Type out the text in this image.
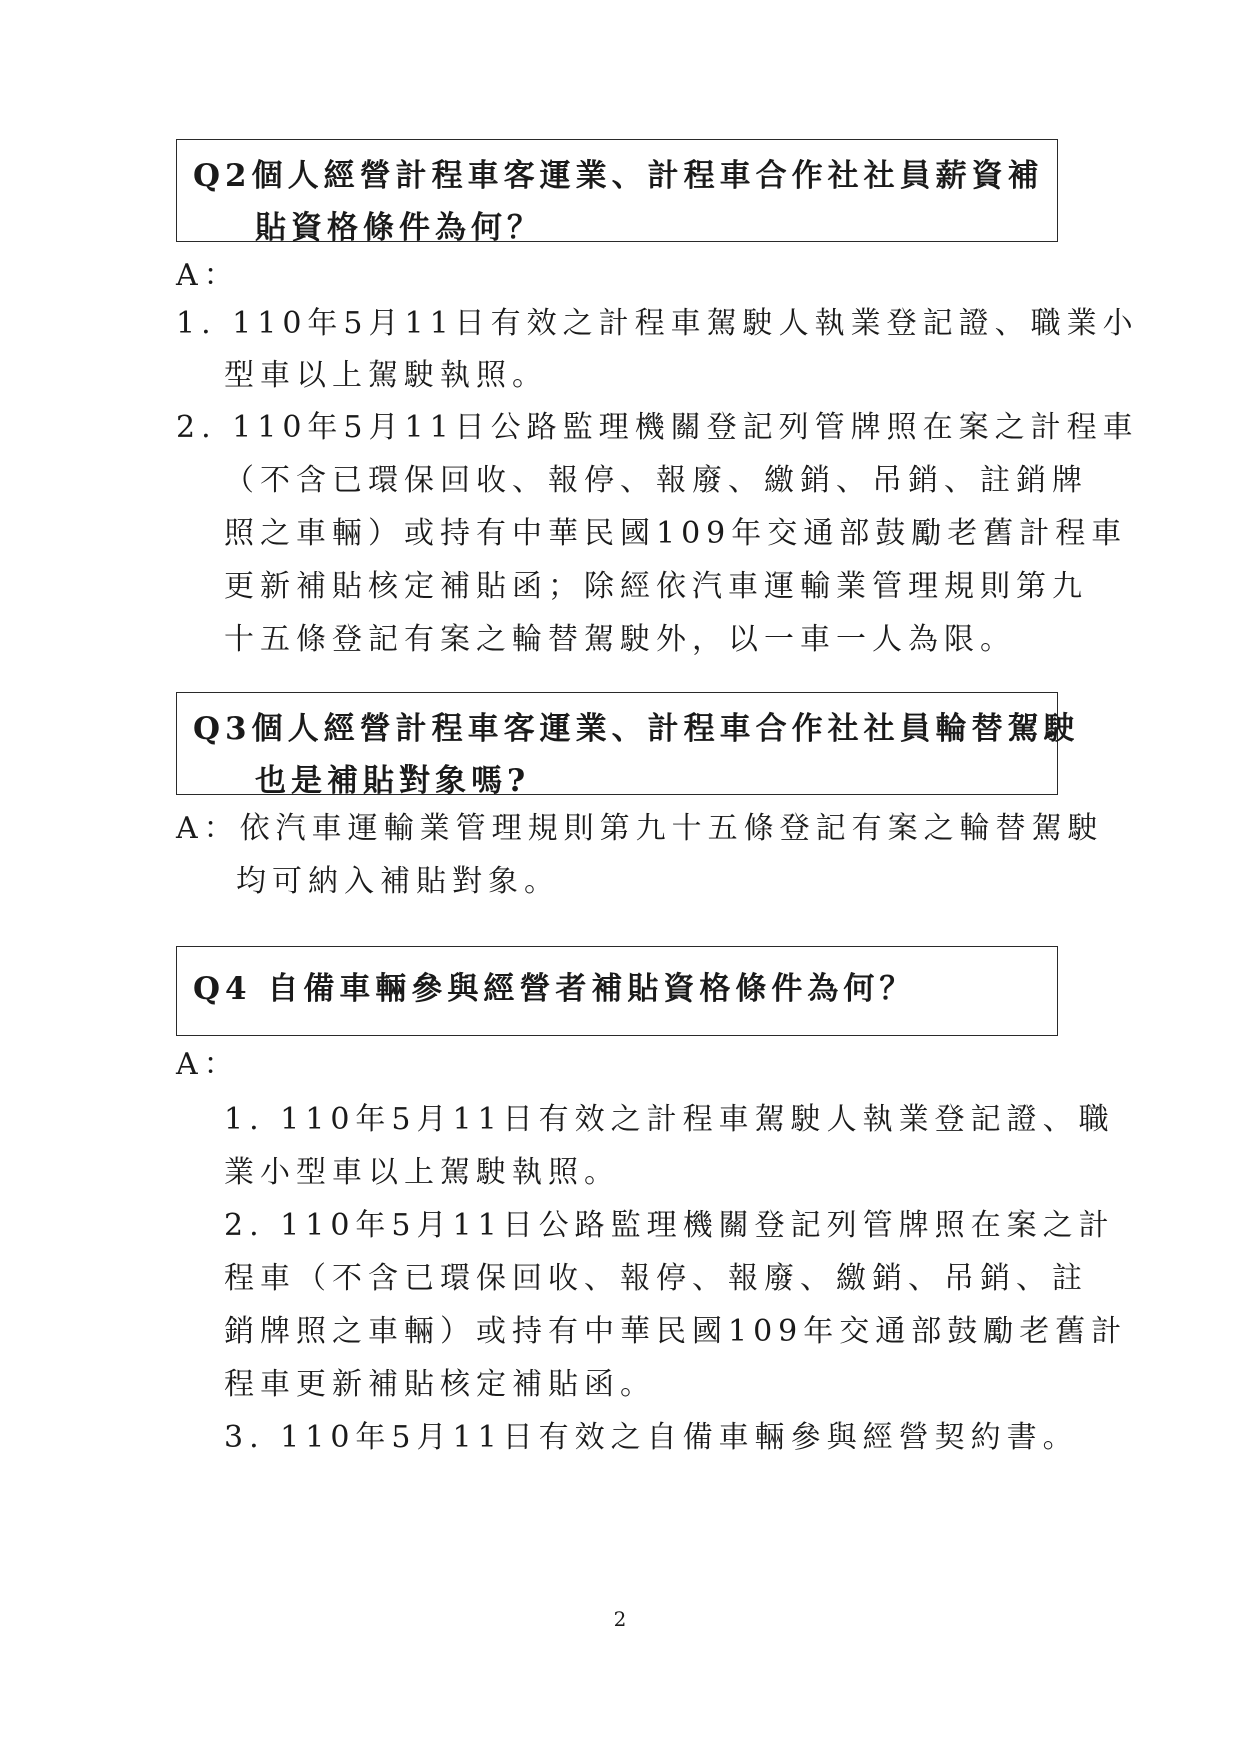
Q2個人經營計程車客運業、計程車合作社社員薪資補
貼資格條件為何？
A：
1. 110年5月11日有效之計程車駕駛人執業登記證、職業小
型車以上駕駛執照。
2. 110年5月11日公路監理機關登記列管牌照在案之計程車
（不含已環保回收、報停、報廢、繳銷、吊銷、註銷牌
照之車輛）或持有中華民國109年交通部鼓勵老舊計程車
更新補貼核定補貼函；除經依汽車運輸業管理規則第九
十五條登記有案之輪替駕駛外，以一車一人為限。
Q3個人經營計程車客運業、計程車合作社社員輪替駕駛
也是補貼對象嗎?
A：依汽車運輸業管理規則第九十五條登記有案之輪替駕駛
均可納入補貼對象。
Q4 自備車輛參與經營者補貼資格條件為何？
A：
1. 110年5月11日有效之計程車駕駛人執業登記證、職
業小型車以上駕駛執照。
2. 110年5月11日公路監理機關登記列管牌照在案之計
程車（不含已環保回收、報停、報廢、繳銷、吊銷、註
銷牌照之車輛）或持有中華民國109年交通部鼓勵老舊計
程車更新補貼核定補貼函。
3. 110年5月11日有效之自備車輛參與經營契約書。
2
